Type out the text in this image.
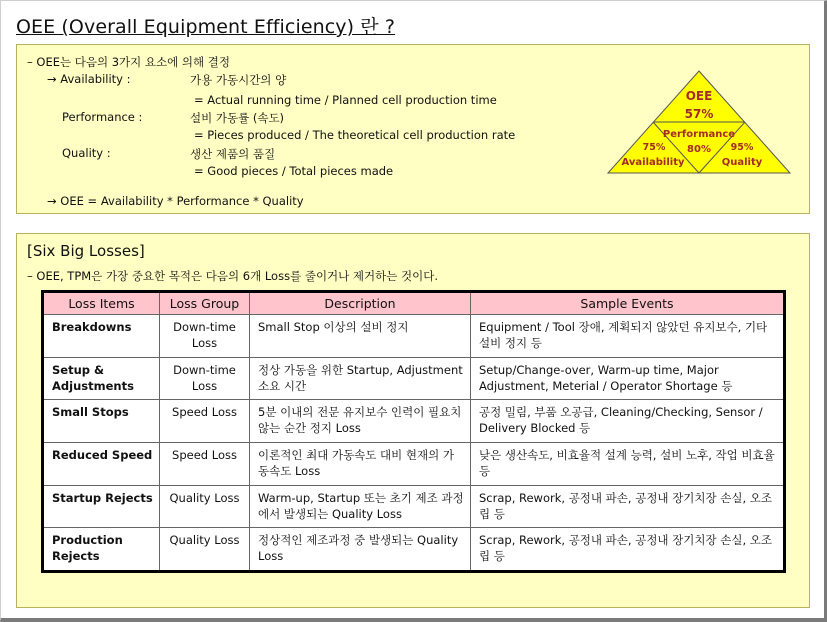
OEE (Overall Equipment Efficiency) 란 ?
– OEE는 다음의 3가지 요소에 의해 결정
→ Availability :	가용 가동시간의 양
= Actual running time / Planned cell production time
Performance :	설비 가동률 (속도)
= Pieces produced / The theoretical cell production rate
Quality :	생산 제품의 품질
= Good pieces / Total pieces made
→ OEE = Availability * Performance * Quality
OEE
57%
Performance
80%
75%
Availability
95%
Quality
[Six Big Losses]
– OEE, TPM은 가장 중요한 목적은 다음의 6개 Loss를 줄이거나 제거하는 것이다.
Loss Items	Loss Group	Description	Sample Events
Breakdowns	Down-time Loss	Small Stop 이상의 설비 정지	Equipment / Tool 장애, 계획되지 않았던 유지보수, 기타 설비 정지 등
Setup & Adjustments	Down-time Loss	정상 가동을 위한 Startup, Adjustment 소요 시간	Setup/Change-over, Warm-up time, Major Adjustment, Meterial / Operator Shortage 등
Small Stops	Speed Loss	5분 이내의 전문 유지보수 인력이 필요치 않는 순간 정지 Loss	공정 밀림, 부품 오공급, Cleaning/Checking, Sensor / Delivery Blocked 등
Reduced Speed	Speed Loss	이론적인 최대 가동속도 대비 현재의 가동속도 Loss	낮은 생산속도, 비효율적 설계 능력, 설비 노후, 작업 비효율 등
Startup Rejects	Quality Loss	Warm-up, Startup 또는 초기 제조 과정에서 발생되는 Quality Loss	Scrap, Rework, 공정내 파손, 공정내 장기치장 손실, 오조립 등
Production Rejects	Quality Loss	정상적인 제조과정 중 발생되는 Quality Loss	Scrap, Rework, 공정내 파손, 공정내 장기치장 손실, 오조립 등
